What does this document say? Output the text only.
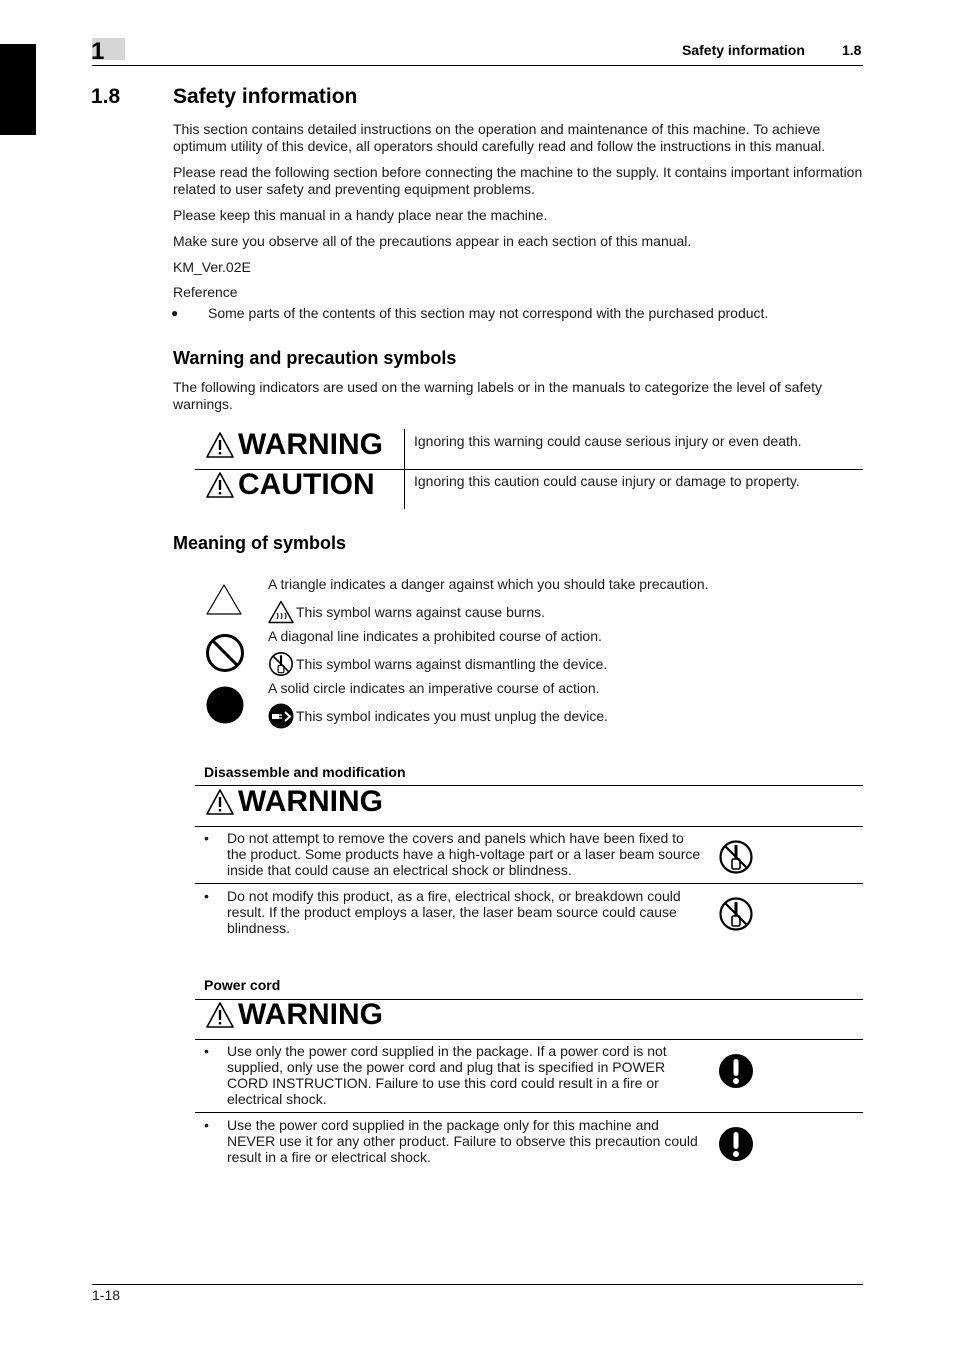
1	Safety information	1.8
1.8	Safety information
This section contains detailed instructions on the operation and maintenance of this machine. To achieve optimum utility of this device, all operators should carefully read and follow the instructions in this manual.
Please read the following section before connecting the machine to the supply. It contains important information related to user safety and preventing equipment problems.
Please keep this manual in a handy place near the machine.
Make sure you observe all of the precautions appear in each section of this manual.
KM_Ver.02E
Reference
●	Some parts of the contents of this section may not correspond with the purchased product.
Warning and precaution symbols
The following indicators are used on the warning labels or in the manuals to categorize the level of safety warnings.
WARNING Ignoring this warning could cause serious injury or even death.
CAUTION	Ignoring this caution could cause injury or damage to property.
Meaning of symbols
A triangle indicates a danger against which you should take precaution.
This symbol warns against cause burns.
A diagonal line indicates a prohibited course of action.
This symbol warns against dismantling the device.
A solid circle indicates an imperative course of action.
This symbol indicates you must unplug the device.
Disassemble and modification
WARNING
•	Do not attempt to remove the covers and panels which have been fixed to the product. Some products have a high-voltage part or a laser beam source inside that could cause an electrical shock or blindness.
•	Do not modify this product, as a fire, electrical shock, or breakdown could result. If the product employs a laser, the laser beam source could cause blindness.
Power cord
WARNING
•	Use only the power cord supplied in the package. If a power cord is not supplied, only use the power cord and plug that is specified in POWER CORD INSTRUCTION. Failure to use this cord could result in a fire or electrical shock.
•	Use the power cord supplied in the package only for this machine and NEVER use it for any other product. Failure to observe this precaution could result in a fire or electrical shock.
1-18
